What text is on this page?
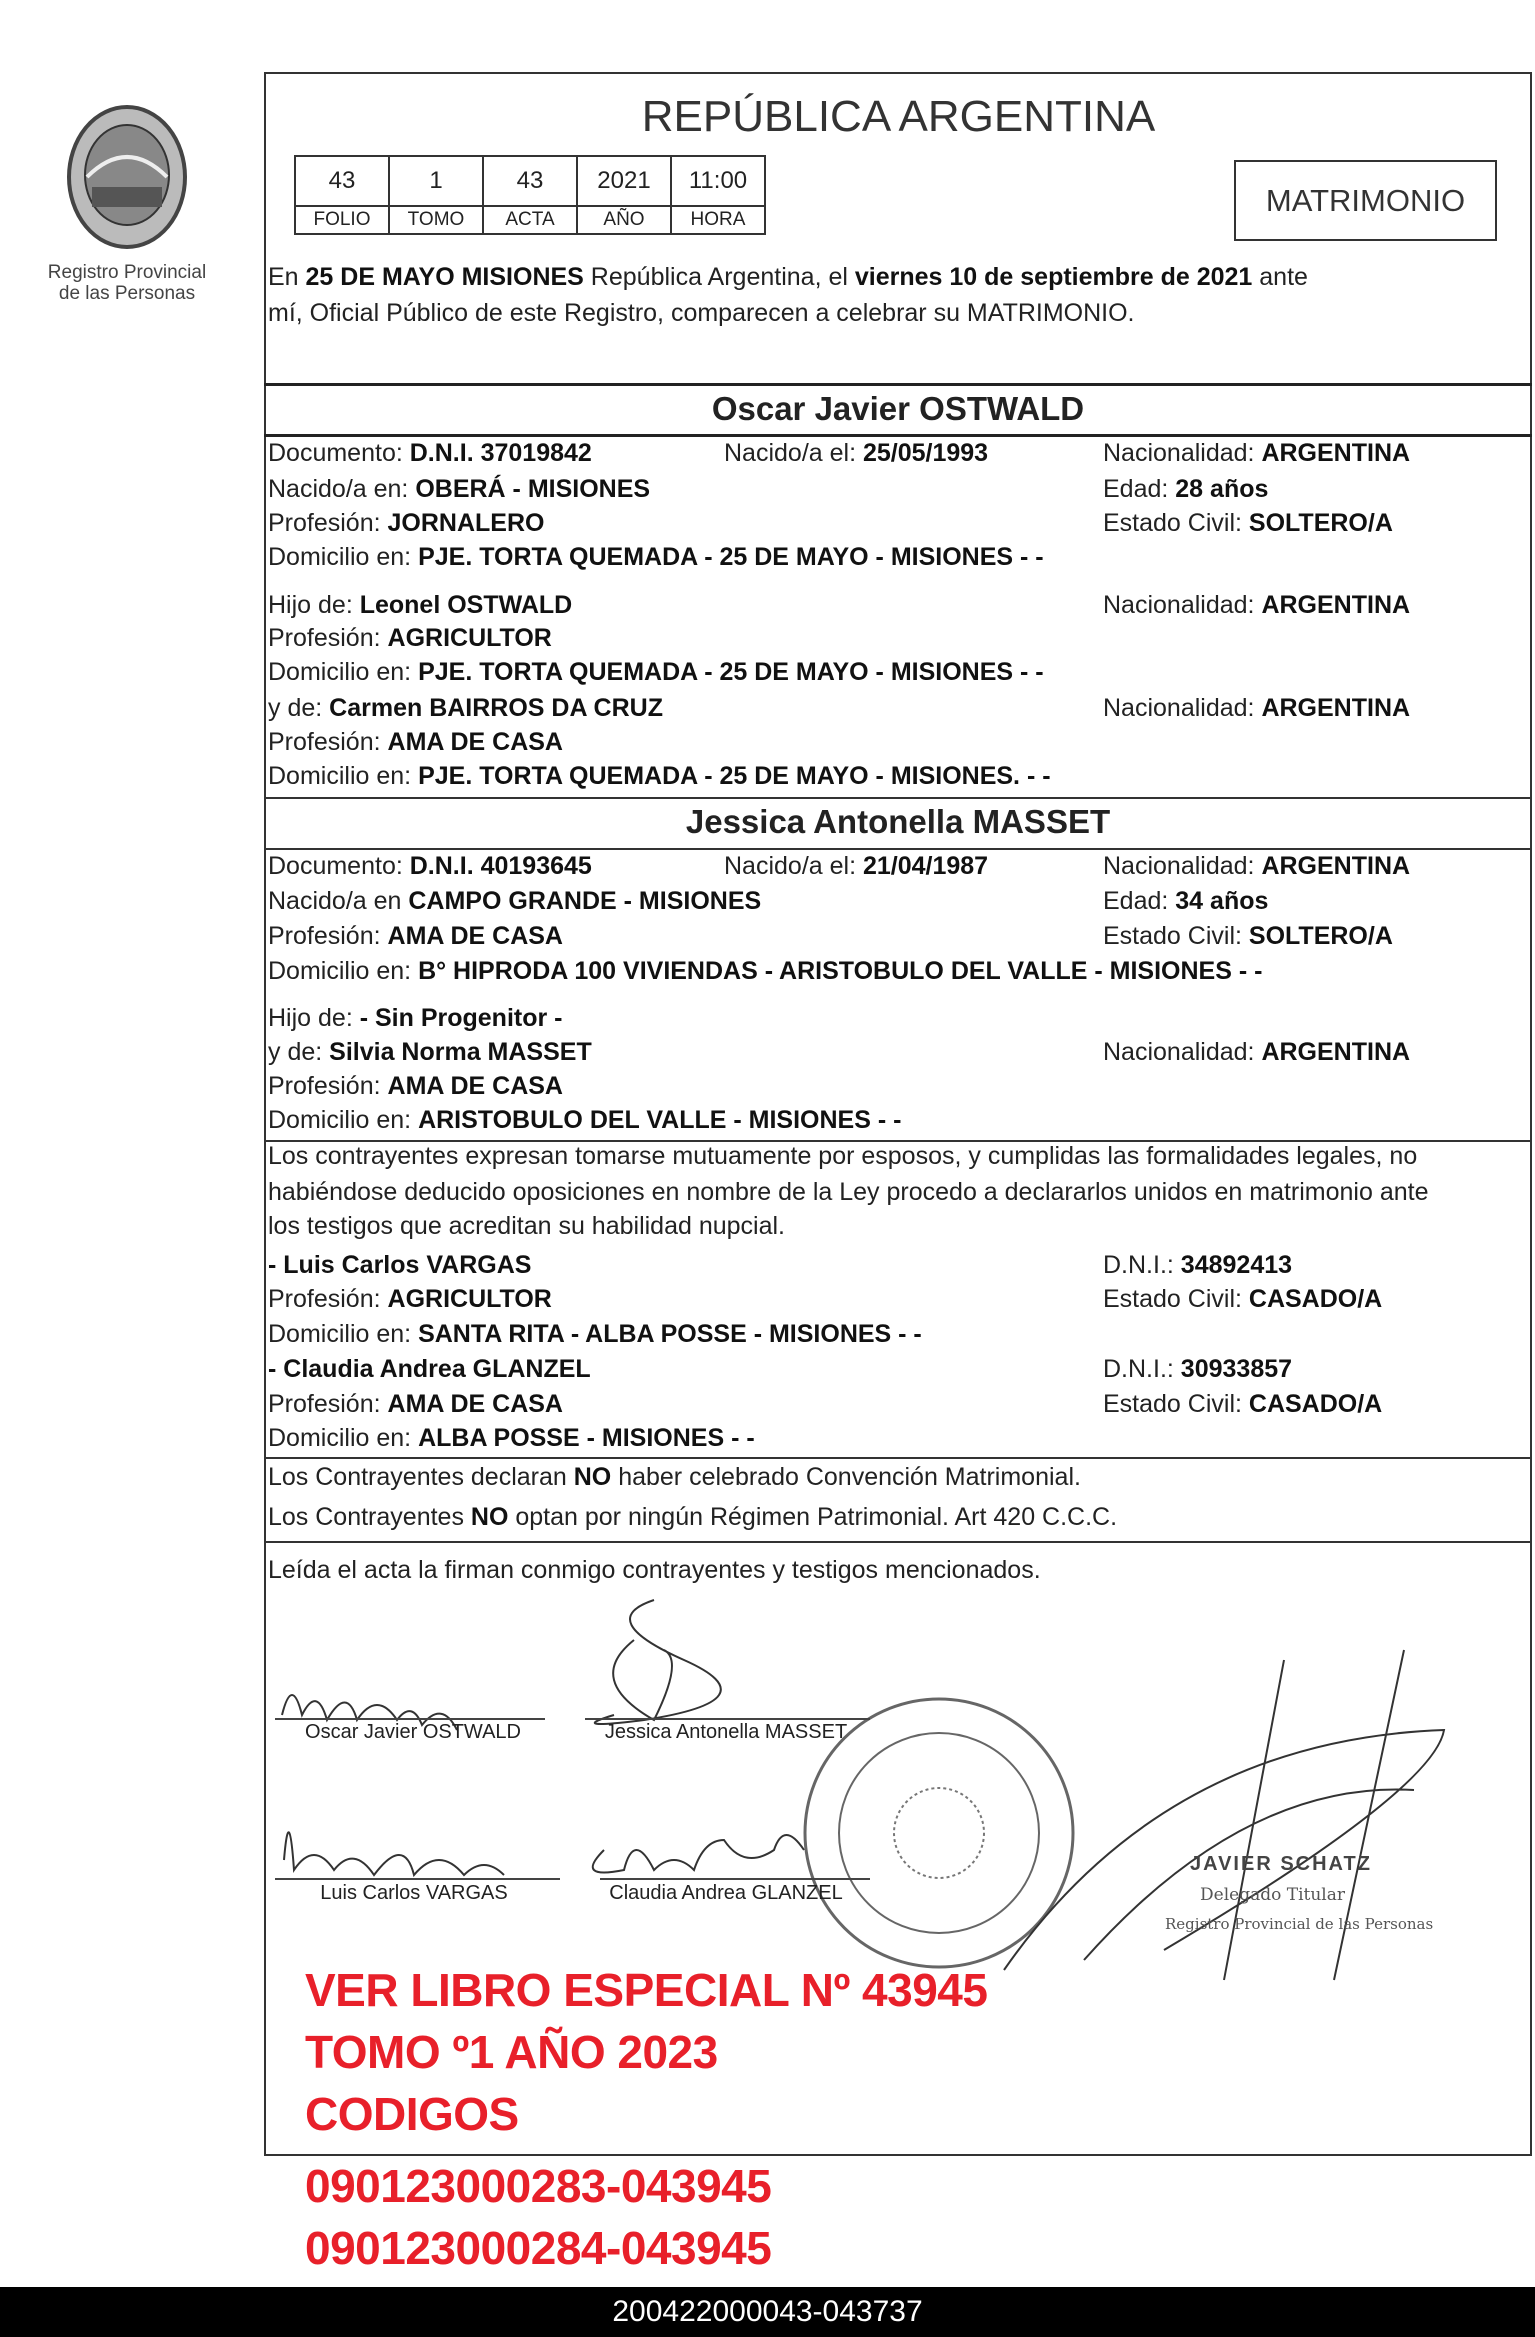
Registro Provincial
de las Personas
REPÚBLICA ARGENTINA
43	1	43	2021	11:00
FOLIO	TOMO	ACTA	AÑO	HORA
MATRIMONIO
En 25 DE MAYO MISIONES República Argentina, el viernes 10 de septiembre de 2021 ante
mí, Oficial Público de este Registro, comparecen a celebrar su MATRIMONIO.
Oscar Javier OSTWALD
Documento: D.N.I. 37019842	Nacido/a el: 25/05/1993	Nacionalidad: ARGENTINA
Nacido/a en: OBERÁ - MISIONES	Edad: 28 años
Profesión: JORNALERO	Estado Civil: SOLTERO/A
Domicilio en: PJE. TORTA QUEMADA - 25 DE MAYO - MISIONES - -
Hijo de: Leonel OSTWALD	Nacionalidad: ARGENTINA
Profesión: AGRICULTOR
Domicilio en: PJE. TORTA QUEMADA - 25 DE MAYO - MISIONES - -
y de: Carmen BAIRROS DA CRUZ	Nacionalidad: ARGENTINA
Profesión: AMA DE CASA
Domicilio en: PJE. TORTA QUEMADA - 25 DE MAYO - MISIONES. - -
Jessica Antonella MASSET
Documento: D.N.I. 40193645	Nacido/a el: 21/04/1987	Nacionalidad: ARGENTINA
Nacido/a en CAMPO GRANDE - MISIONES	Edad: 34 años
Profesión: AMA DE CASA	Estado Civil: SOLTERO/A
Domicilio en: B° HIPRODA 100 VIVIENDAS - ARISTOBULO DEL VALLE - MISIONES - -
Hijo de: - Sin Progenitor -
y de: Silvia Norma MASSET	Nacionalidad: ARGENTINA
Profesión: AMA DE CASA
Domicilio en: ARISTOBULO DEL VALLE - MISIONES - -
Los contrayentes expresan tomarse mutuamente por esposos, y cumplidas las formalidades legales, no
habiéndose deducido oposiciones en nombre de la Ley procedo a declararlos unidos en matrimonio ante
los testigos que acreditan su habilidad nupcial.
- Luis Carlos VARGAS	D.N.I.: 34892413
Profesión: AGRICULTOR	Estado Civil: CASADO/A
Domicilio en: SANTA RITA - ALBA POSSE - MISIONES - -
- Claudia Andrea GLANZEL	D.N.I.: 30933857
Profesión: AMA DE CASA	Estado Civil: CASADO/A
Domicilio en: ALBA POSSE - MISIONES - -
Los Contrayentes declaran NO haber celebrado Convención Matrimonial.
Los Contrayentes NO optan por ningún Régimen Patrimonial. Art 420 C.C.C.
Leída el acta la firman conmigo contrayentes y testigos mencionados.
Oscar Javier OSTWALD	Jessica Antonella MASSET
Luis Carlos VARGAS	Claudia Andrea GLANZEL
JAVIER SCHATZ
Delegado Titular
Registro Provincial de las Personas
VER LIBRO ESPECIAL Nº 43945
TOMO º1 AÑO 2023
CODIGOS
090123000283-043945
090123000284-043945
200422000043-043737
